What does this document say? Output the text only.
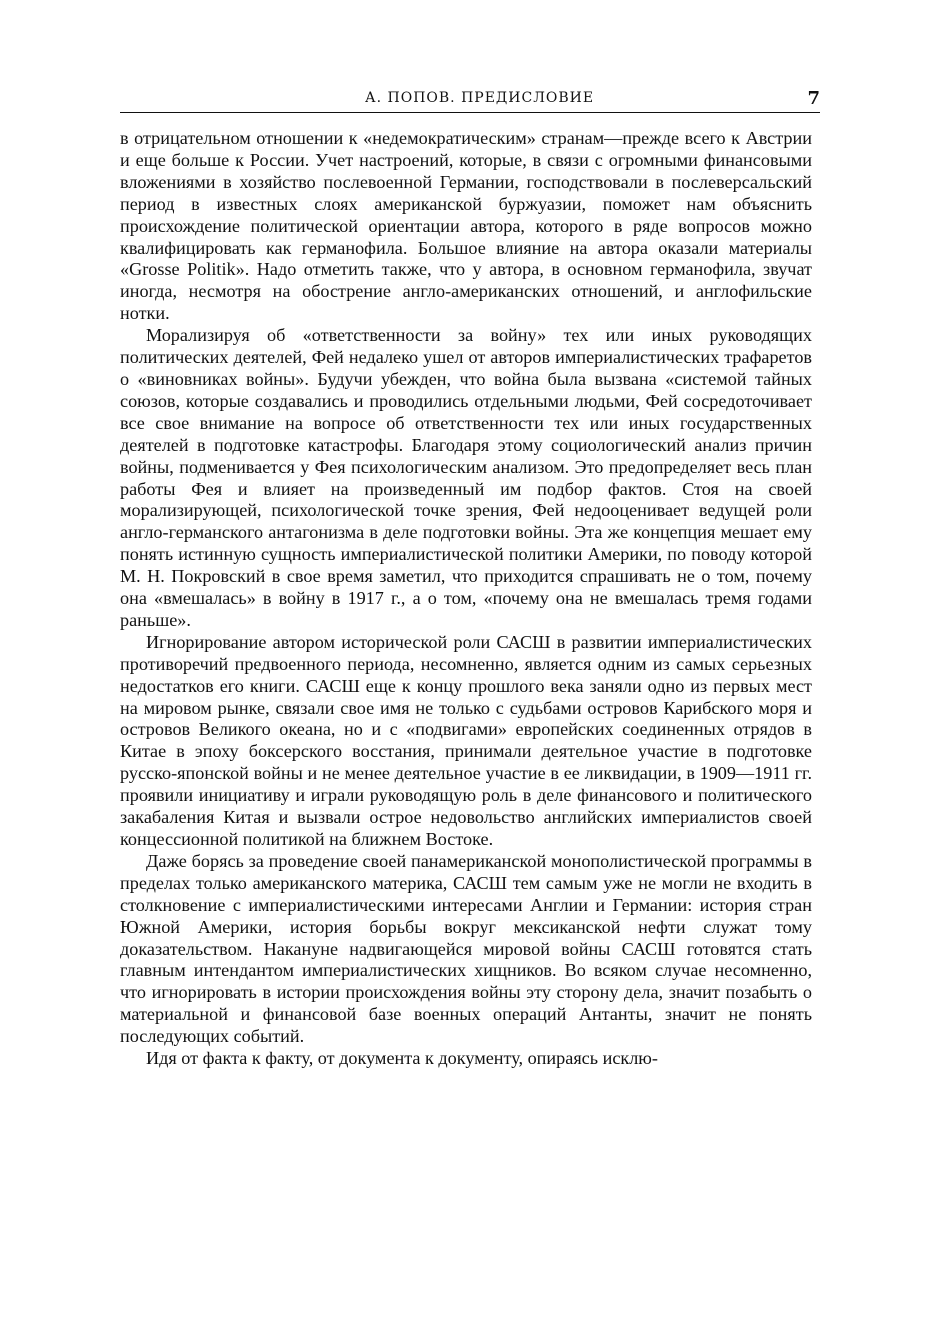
А. ПОПОВ. ПРЕДИСЛОВИЕ	7

в отрицательном отношении к «недемократическим» странам—прежде всего к Австрии и еще больше к России. Учет настроений, которые, в связи с огромными финансовыми вложениями в хозяйство послевоенной Германии, господствовали в послеверсальский период в известных слоях американской буржуазии, поможет нам объяснить происхождение политической ориентации автора, которого в ряде вопросов можно квалифицировать как германофила. Большое влияние на автора оказали материалы «Grosse Politik». Надо отметить также, что у автора, в основном германофила, звучат иногда, несмотря на обострение англо-американских отношений, и англофильские нотки.

Морализируя об «ответственности за войну» тех или иных руководящих политических деятелей, Фей недалеко ушел от авторов империалистических трафаретов о «виновниках войны». Будучи убежден, что война была вызвана «системой тайных союзов, которые создавались и проводились отдельными людьми, Фей сосредоточивает все свое внимание на вопросе об ответственности тех или иных государственных деятелей в подготовке катастрофы. Благодаря этому социологический анализ причин войны, подменивается у Фея психологическим анализом. Это предопределяет весь план работы Фея и влияет на произведенный им подбор фактов. Стоя на своей морализирующей, психологической точке зрения, Фей недооценивает ведущей роли англо-германского антагонизма в деле подготовки войны. Эта же концепция мешает ему понять истинную сущность империалистической политики Америки, по поводу которой М. Н. Покровский в свое время заметил, что приходится спрашивать не о том, почему она «вмешалась» в войну в 1917 г., а о том, «почему она не вмешалась тремя годами раньше».

Игнорирование автором исторической роли САСШ в развитии империалистических противоречий предвоенного периода, несомненно, является одним из самых серьезных недостатков его книги. САСШ еще к концу прошлого века заняли одно из первых мест на мировом рынке, связали свое имя не только с судьбами островов Карибского моря и островов Великого океана, но и с «подвигами» европейских соединенных отрядов в Китае в эпоху боксерского восстания, принимали деятельное участие в подготовке русско-японской войны и не менее деятельное участие в ее ликвидации, в 1909—1911 гг. проявили инициативу и играли руководящую роль в деле финансового и политического закабаления Китая и вызвали острое недовольство английских империалистов своей концессионной политикой на ближнем Востоке.

Даже борясь за проведение своей панамериканской монополистической программы в пределах только американского материка, САСШ тем самым уже не могли не входить в столкновение с империалистическими интересами Англии и Германии: история стран Южной Америки, история борьбы вокруг мексиканской нефти служат тому доказательством. Накануне надвигающейся мировой войны САСШ готовятся стать главным интендантом империалистических хищников. Во всяком случае несомненно, что игнорировать в истории происхождения войны эту сторону дела, значит позабыть о материальной и финансовой базе военных операций Антанты, значит не понять последующих событий.

Идя от факта к факту, от документа к документу, опираясь исклю-
